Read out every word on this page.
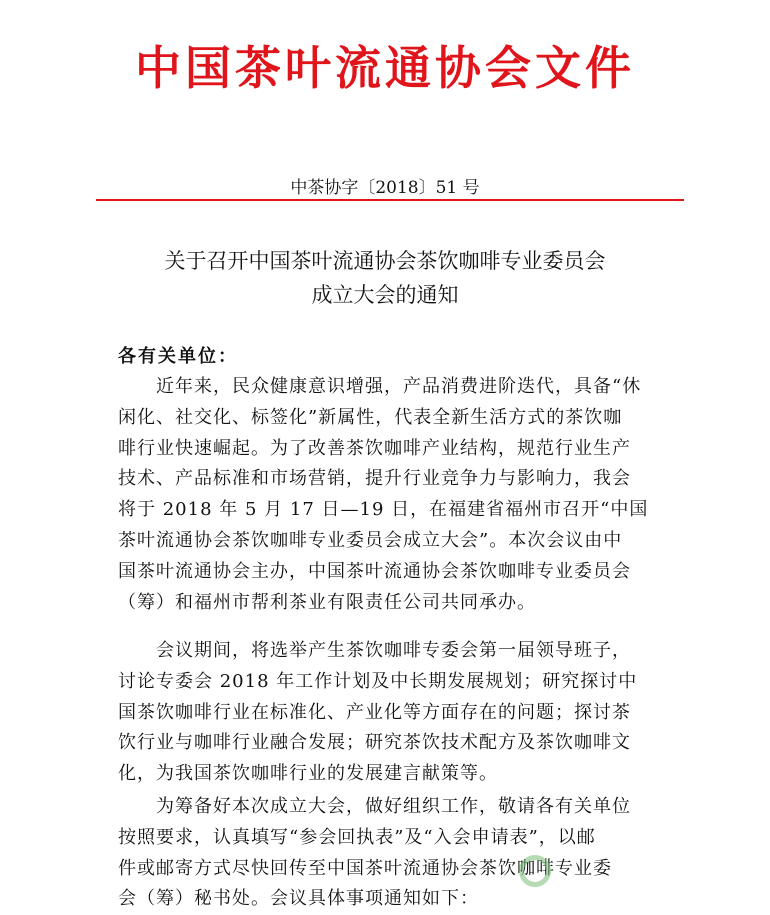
中国茶叶流通协会文件
中茶协字〔2018〕51 号
关于召开中国茶叶流通协会茶饮咖啡专业委员会
成立大会的通知
各有关单位：
近年来，民众健康意识增强，产品消费进阶迭代，具备“休
闲化、社交化、标签化”新属性，代表全新生活方式的茶饮咖
啡行业快速崛起。为了改善茶饮咖啡产业结构，规范行业生产
技术、产品标准和市场营销，提升行业竞争力与影响力，我会
将于 2018 年 5 月 17 日—19 日，在福建省福州市召开“中国
茶叶流通协会茶饮咖啡专业委员会成立大会”。本次会议由中
国茶叶流通协会主办，中国茶叶流通协会茶饮咖啡专业委员会
（筹）和福州市帮利茶业有限责任公司共同承办。
会议期间，将选举产生茶饮咖啡专委会第一届领导班子，
讨论专委会 2018 年工作计划及中长期发展规划；研究探讨中
国茶饮咖啡行业在标准化、产业化等方面存在的问题；探讨茶
饮行业与咖啡行业融合发展；研究茶饮技术配方及茶饮咖啡文
化，为我国茶饮咖啡行业的发展建言献策等。
为筹备好本次成立大会，做好组织工作，敬请各有关单位
按照要求，认真填写“参会回执表”及“入会申请表”，以邮
件或邮寄方式尽快回传至中国茶叶流通协会茶饮咖啡专业委
会（筹）秘书处。会议具体事项通知如下：
